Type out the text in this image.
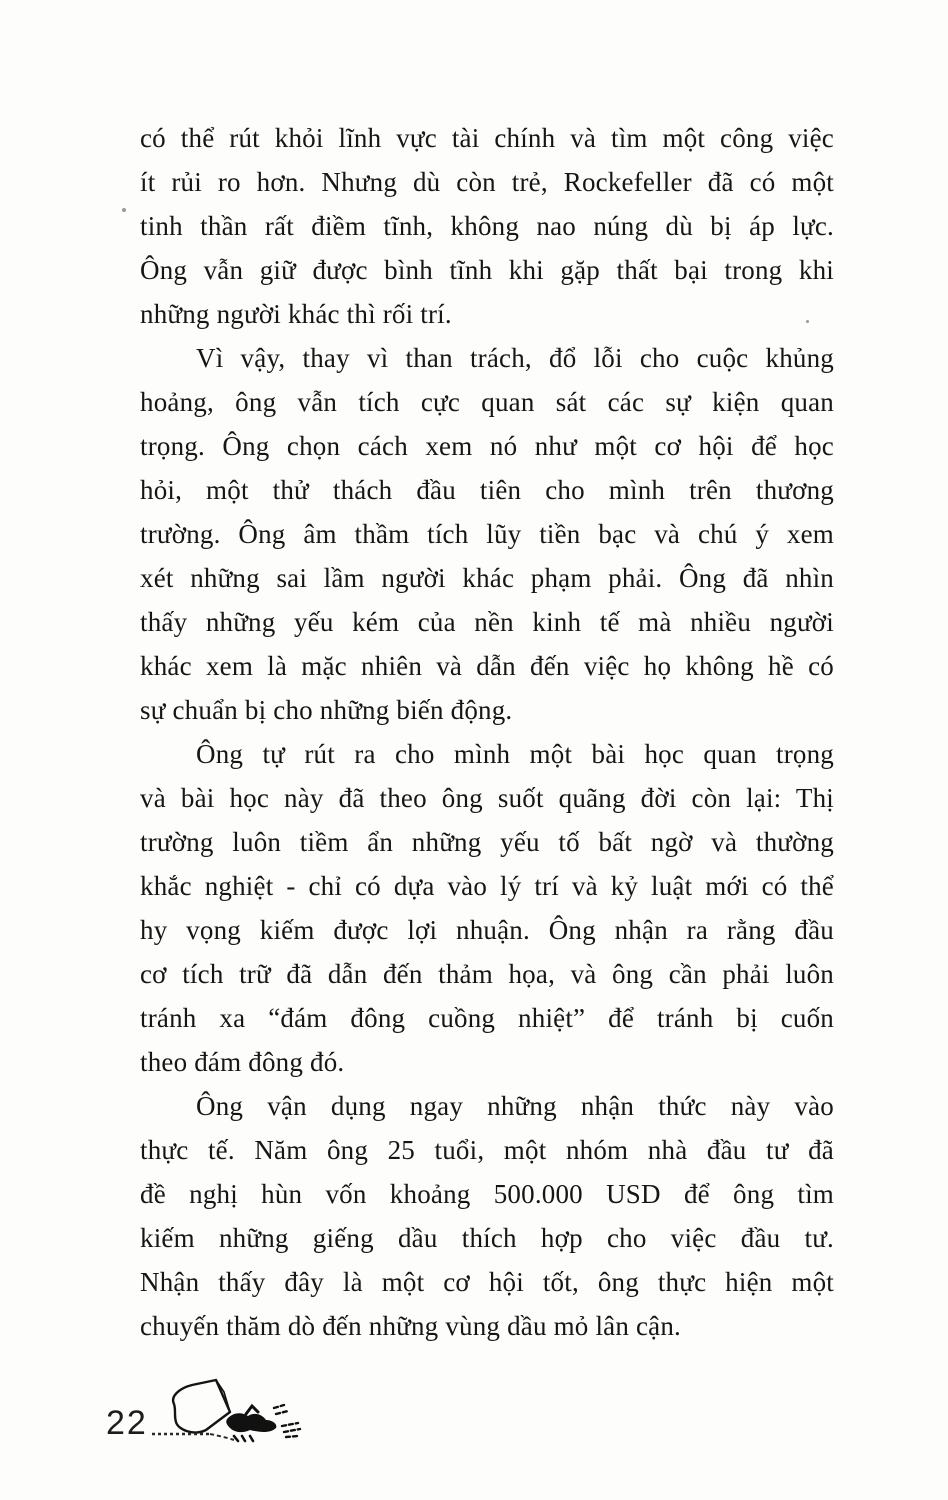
có thể rút khỏi lĩnh vực tài chính và tìm một công việc
ít rủi ro hơn. Nhưng dù còn trẻ, Rockefeller đã có một
tinh thần rất điềm tĩnh, không nao núng dù bị áp lực.
Ông vẫn giữ được bình tĩnh khi gặp thất bại trong khi
những người khác thì rối trí.
Vì vậy, thay vì than trách, đổ lỗi cho cuộc khủng
hoảng, ông vẫn tích cực quan sát các sự kiện quan
trọng. Ông chọn cách xem nó như một cơ hội để học
hỏi, một thử thách đầu tiên cho mình trên thương
trường. Ông âm thầm tích lũy tiền bạc và chú ý xem
xét những sai lầm người khác phạm phải. Ông đã nhìn
thấy những yếu kém của nền kinh tế mà nhiều người
khác xem là mặc nhiên và dẫn đến việc họ không hề có
sự chuẩn bị cho những biến động.
Ông tự rút ra cho mình một bài học quan trọng
và bài học này đã theo ông suốt quãng đời còn lại: Thị
trường luôn tiềm ẩn những yếu tố bất ngờ và thường
khắc nghiệt - chỉ có dựa vào lý trí và kỷ luật mới có thể
hy vọng kiếm được lợi nhuận. Ông nhận ra rằng đầu
cơ tích trữ đã dẫn đến thảm họa, và ông cần phải luôn
tránh xa “đám đông cuồng nhiệt” để tránh bị cuốn
theo đám đông đó.
Ông vận dụng ngay những nhận thức này vào
thực tế. Năm ông 25 tuổi, một nhóm nhà đầu tư đã
đề nghị hùn vốn khoảng 500.000 USD để ông tìm
kiếm những giếng dầu thích hợp cho việc đầu tư.
Nhận thấy đây là một cơ hội tốt, ông thực hiện một
chuyến thăm dò đến những vùng dầu mỏ lân cận.
22
